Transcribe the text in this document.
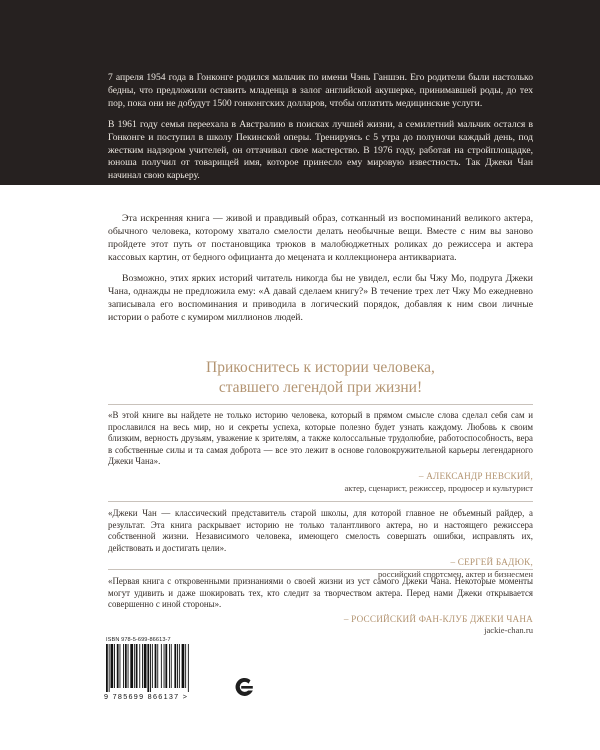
7 апреля 1954 года в Гонконге родился мальчик по имени Чэнь Ганшэн. Его родители были настолько бедны, что предложили оставить младенца в залог английской акушерке, принимавшей роды, до тех пор, пока они не добудут 1500 гонконгских долларов, чтобы оплатить медицинские услуги.

В 1961 году семья переехала в Австралию в поисках лучшей жизни, а семилетний мальчик остался в Гонконге и поступил в школу Пекинской оперы. Тренируясь с 5 утра до полуночи каждый день, под жестким надзором учителей, он оттачивал свое мастерство. В 1976 году, работая на стройплощадке, юноша получил от товарищей имя, которое принесло ему мировую известность. Так Джеки Чан начинал свою карьеру.

Эта искренняя книга — живой и правдивый образ, сотканный из воспоминаний великого актера, обычного человека, которому хватало смелости делать необычные вещи. Вместе с ним вы заново пройдете этот путь от постановщика трюков в малобюджетных роликах до режиссера и актера кассовых картин, от бедного официанта до мецената и коллекционера антиквариата.

Возможно, этих ярких историй читатель никогда бы не увидел, если бы Чжу Мо, подруга Джеки Чана, однажды не предложила ему: «А давай сделаем книгу?» В течение трех лет Чжу Мо ежедневно записывала его воспоминания и приводила в логический порядок, добавляя к ним свои личные истории о работе с кумиром миллионов людей.

Прикоснитесь к истории человека,
ставшего легендой при жизни!

«В этой книге вы найдете не только историю человека, который в прямом смысле слова сделал себя сам и прославился на весь мир, но и секреты успеха, которые полезно будет узнать каждому. Любовь к своим близким, верность друзьям, уважение к зрителям, а также колоссальные трудолюбие, работоспособность, вера в собственные силы и та самая доброта — все это лежит в основе головокружительной карьеры легендарного Джеки Чана».

– АЛЕКСАНДР НЕВСКИЙ,
актер, сценарист, режиссер, продюсер и культурист

«Джеки Чан — классический представитель старой школы, для которой главное не объемный райдер, а результат. Эта книга раскрывает историю не только талантливого актера, но и настоящего режиссера собственной жизни. Независимого человека, имеющего смелость совершать ошибки, исправлять их, действовать и достигать цели».

– СЕРГЕЙ БАДЮК,
российский спортсмен, актер и бизнесмен

«Первая книга с откровенными признаниями о своей жизни из уст самого Джеки Чана. Некоторые моменты могут удивить и даже шокировать тех, кто следит за творчеством актера. Перед нами Джеки открывается совершенно с иной стороны».

– РОССИЙСКИЙ ФАН-КЛУБ ДЖЕКИ ЧАНА
jackie-chan.ru
ISBN 978-5-699-86613-7
9 785699 866137 >
